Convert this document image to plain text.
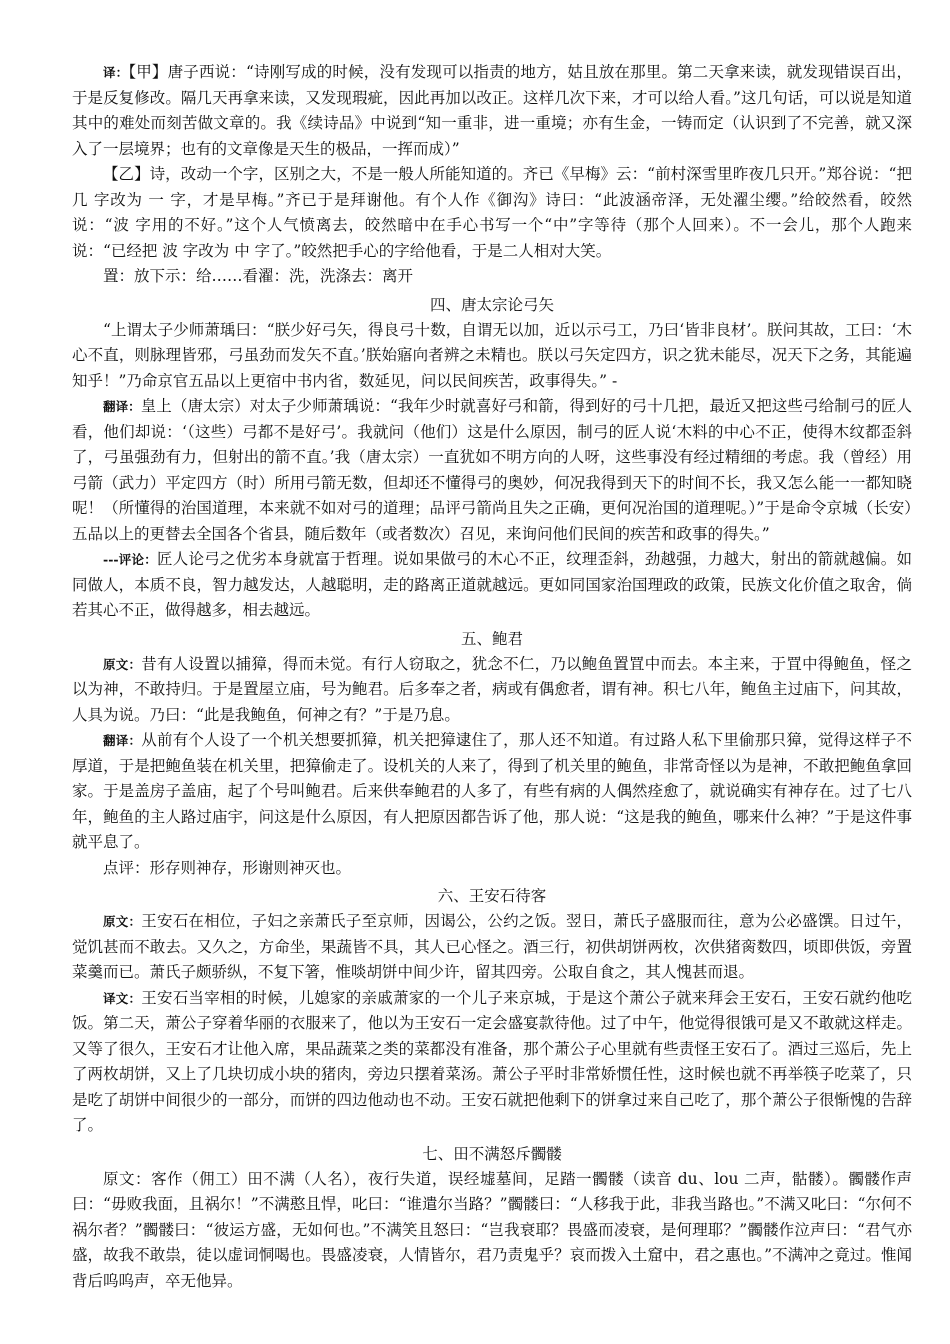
译：【甲】唐子西说：“诗刚写成的时候，没有发现可以指责的地方，姑且放在那里。第二天拿来读，就发现错误百出，于是反复修改。隔几天再拿来读，又发现瑕疵，因此再加以改正。这样几次下来，才可以给人看。”这几句话，可以说是知道其中的难处而刻苦做文章的。我《续诗品》中说到“知一重非，进一重境；亦有生金，一铸而定（认识到了不完善，就又深入了一层境界；也有的文章像是天生的极品，一挥而成）”

【乙】诗，改动一个字，区别之大，不是一般人所能知道的。齐已《早梅》云：“前村深雪里昨夜几只开。”郑谷说：“把 几 字改为 一 字，才是早梅。”齐已于是拜谢他。有个人作《御沟》诗曰：“此波涵帝泽，无处濯尘缨。”给皎然看，皎然说：“波 字用的不好。”这个人气愤离去，皎然暗中在手心书写一个“中”字等待（那个人回来）。不一会儿，那个人跑来说：“已经把 波 字改为 中 字了。”皎然把手心的字给他看，于是二人相对大笑。

置：放下示：给……看濯：洗，洗涤去：离开

四、唐太宗论弓矢

“上谓太子少师萧瑀曰：“朕少好弓矢，得良弓十数，自谓无以加，近以示弓工，乃曰‘皆非良材’。朕问其故，工曰：‘木心不直，则脉理皆邪，弓虽劲而发矢不直。’朕始寤向者辨之未精也。朕以弓矢定四方，识之犹未能尽，况天下之务，其能遍知乎！”乃命京官五品以上更宿中书内省，数延见，问以民间疾苦，政事得失。” -

翻译：皇上（唐太宗）对太子少师萧瑀说：“我年少时就喜好弓和箭，得到好的弓十几把，最近又把这些弓给制弓的匠人看，他们却说：‘（这些）弓都不是好弓’。我就问（他们）这是什么原因，制弓的匠人说‘木料的中心不正，使得木纹都歪斜了，弓虽强劲有力，但射出的箭不直。’我（唐太宗）一直犹如不明方向的人呀，这些事没有经过精细的考虑。我（曾经）用弓箭（武力）平定四方（时）所用弓箭无数，但却还不懂得弓的奥妙，何况我得到天下的时间不长，我又怎么能一一都知晓呢！（所懂得的治国道理，本来就不如对弓的道理；品评弓箭尚且失之正确，更何况治国的道理呢。）”于是命令京城（长安）五品以上的更替去全国各个省县，随后数年（或者数次）召见，来询问他们民间的疾苦和政事的得失。”

---评论：匠人论弓之优劣本身就富于哲理。说如果做弓的木心不正，纹理歪斜，劲越强，力越大，射出的箭就越偏。如同做人，本质不良，智力越发达，人越聪明，走的路离正道就越远。更如同国家治国理政的政策，民族文化价值之取舍，倘若其心不正，做得越多，相去越远。

五、鲍君

原文：昔有人设置以捕獐，得而未觉。有行人窃取之，犹念不仁，乃以鲍鱼置罝中而去。本主来，于罝中得鲍鱼，怪之以为神，不敢持归。于是置屋立庙，号为鲍君。后多奉之者，病或有偶愈者，谓有神。积七八年，鲍鱼主过庙下，问其故，人具为说。乃曰：“此是我鲍鱼，何神之有？”于是乃息。

翻译：从前有个人设了一个机关想要抓獐，机关把獐逮住了，那人还不知道。有过路人私下里偷那只獐，觉得这样子不厚道，于是把鲍鱼装在机关里，把獐偷走了。设机关的人来了，得到了机关里的鲍鱼，非常奇怪以为是神，不敢把鲍鱼拿回家。于是盖房子盖庙，起了个号叫鲍君。后来供奉鲍君的人多了，有些有病的人偶然痊愈了，就说确实有神存在。过了七八年，鲍鱼的主人路过庙宇，问这是什么原因，有人把原因都告诉了他，那人说：“这是我的鲍鱼，哪来什么神？”于是这件事就平息了。

点评：形存则神存，形谢则神灭也。

六、王安石待客

原文：王安石在相位，子妇之亲萧氏子至京师，因谒公，公约之饭。翌日，萧氏子盛服而往，意为公必盛馔。日过午，觉饥甚而不敢去。又久之，方命坐，果蔬皆不具，其人已心怪之。酒三行，初供胡饼两枚，次供猪脔数四，顷即供饭，旁置菜羹而已。萧氏子颇骄纵，不复下箸，惟啖胡饼中间少许，留其四旁。公取自食之，其人愧甚而退。

译文：王安石当宰相的时候，儿媳家的亲戚萧家的一个儿子来京城，于是这个萧公子就来拜会王安石，王安石就约他吃饭。第二天，萧公子穿着华丽的衣服来了，他以为王安石一定会盛宴款待他。过了中午，他觉得很饿可是又不敢就这样走。又等了很久，王安石才让他入席，果品蔬菜之类的菜都没有准备，那个萧公子心里就有些责怪王安石了。酒过三巡后，先上了两枚胡饼，又上了几块切成小块的猪肉，旁边只摆着菜汤。萧公子平时非常娇惯任性，这时候也就不再举筷子吃菜了，只是吃了胡饼中间很少的一部分，而饼的四边他动也不动。王安石就把他剩下的饼拿过来自己吃了，那个萧公子很惭愧的告辞了。

七、田不满怒斥髑髅

原文：客作（佣工）田不满（人名），夜行失道，误经墟墓间，足踏一髑髅（读音 du、lou 二声，骷髅）。髑髅作声曰：“毋败我面，且祸尔！”不满憨且悍，叱曰：“谁遣尔当路？”髑髅曰：“人移我于此，非我当路也。”不满又叱曰：“尔何不祸尔者？”髑髅曰：“彼运方盛，无如何也。”不满笑且怒曰：“岂我衰耶？畏盛而凌衰，是何理耶？”髑髅作泣声曰：“君气亦盛，故我不敢祟，徒以虚词恫喝也。畏盛凌衰，人情皆尔，君乃责鬼乎？哀而拨入土窟中，君之惠也。”不满冲之竟过。惟闻背后呜呜声，卒无他异。
